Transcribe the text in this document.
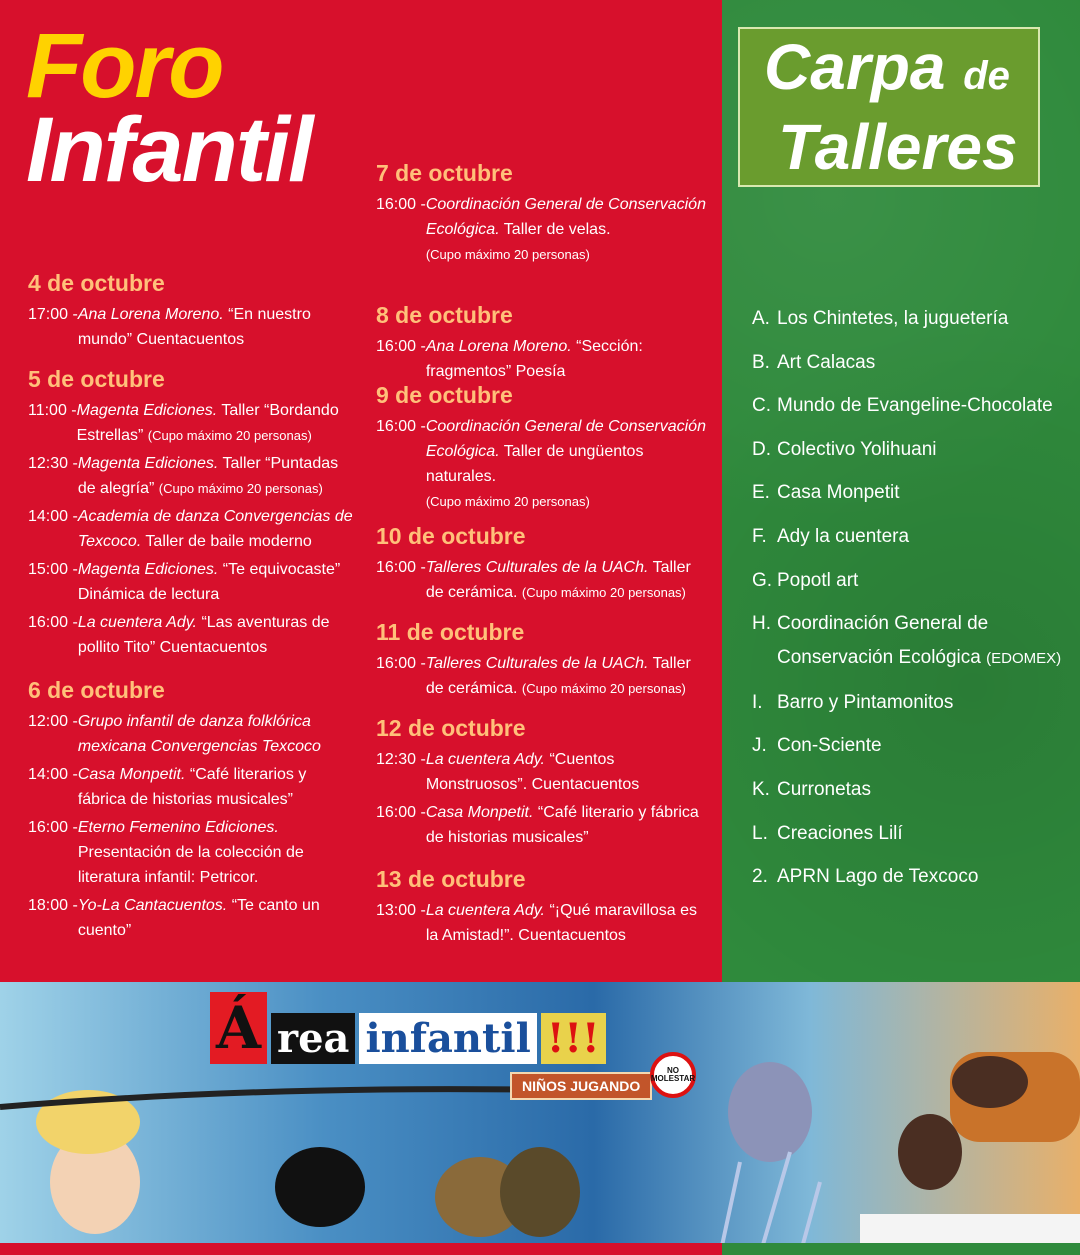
Foro
Infantil
4 de octubre
17:00 - Ana Lorena Moreno. “En nuestro mundo” Cuentacuentos
5 de octubre
11:00 - Magenta Ediciones. Taller “Bordando Estrellas” (Cupo máximo 20 personas)
12:30 - Magenta Ediciones. Taller “Puntadas de alegría” (Cupo máximo 20 personas)
14:00 - Academia de danza Convergencias de Texcoco. Taller de baile moderno
15:00 - Magenta Ediciones. “Te equivocaste” Dinámica de lectura
16:00 - La cuentera Ady. “Las aventuras de pollito Tito” Cuentacuentos
6 de octubre
12:00 - Grupo infantil de danza folklórica mexicana Convergencias Texcoco
14:00 - Casa Monpetit. “Café literarios y fábrica de historias musicales”
16:00 - Eterno Femenino Ediciones. Presentación de la colección de literatura infantil: Petricor.
18:00 - Yo-La Cantacuentos. “Te canto un cuento”
7 de octubre
16:00 - Coordinación General de Conservación Ecológica. Taller de velas.
(Cupo máximo 20 personas)
8 de octubre
16:00 - Ana Lorena Moreno. “Sección: fragmentos” Poesía
9 de octubre
16:00 - Coordinación General de Conservación Ecológica. Taller de ungüentos naturales.
(Cupo máximo 20 personas)
10 de octubre
16:00 - Talleres Culturales de la UACh. Taller de cerámica. (Cupo máximo 20 personas)
11 de octubre
16:00 - Talleres Culturales de la UACh. Taller de cerámica. (Cupo máximo 20 personas)
12 de octubre
12:30 - La cuentera Ady. “Cuentos Monstruosos”. Cuentacuentos
16:00 - Casa Monpetit. “Café literario y fábrica de historias musicales”
13 de octubre
13:00 - La cuentera Ady. “¡Qué maravillosa es la Amistad!”. Cuentacuentos
Carpa de
Talleres
A. Los Chintetes, la juguetería
B. Art Calacas
C. Mundo de Evangeline-Chocolate
D. Colectivo Yolihuani
E. Casa Monpetit
F. Ady la cuentera
G. Popotl art
H. Coordinación General de Conservación Ecológica (EDOMEX)
I. Barro y Pintamonitos
J. Con-Sciente
K. Curronetas
L. Creaciones Lilí
2. APRN Lago de Texcoco
Á rea infantil !!!
NIÑOS JUGANDO
NO MOLESTAR
